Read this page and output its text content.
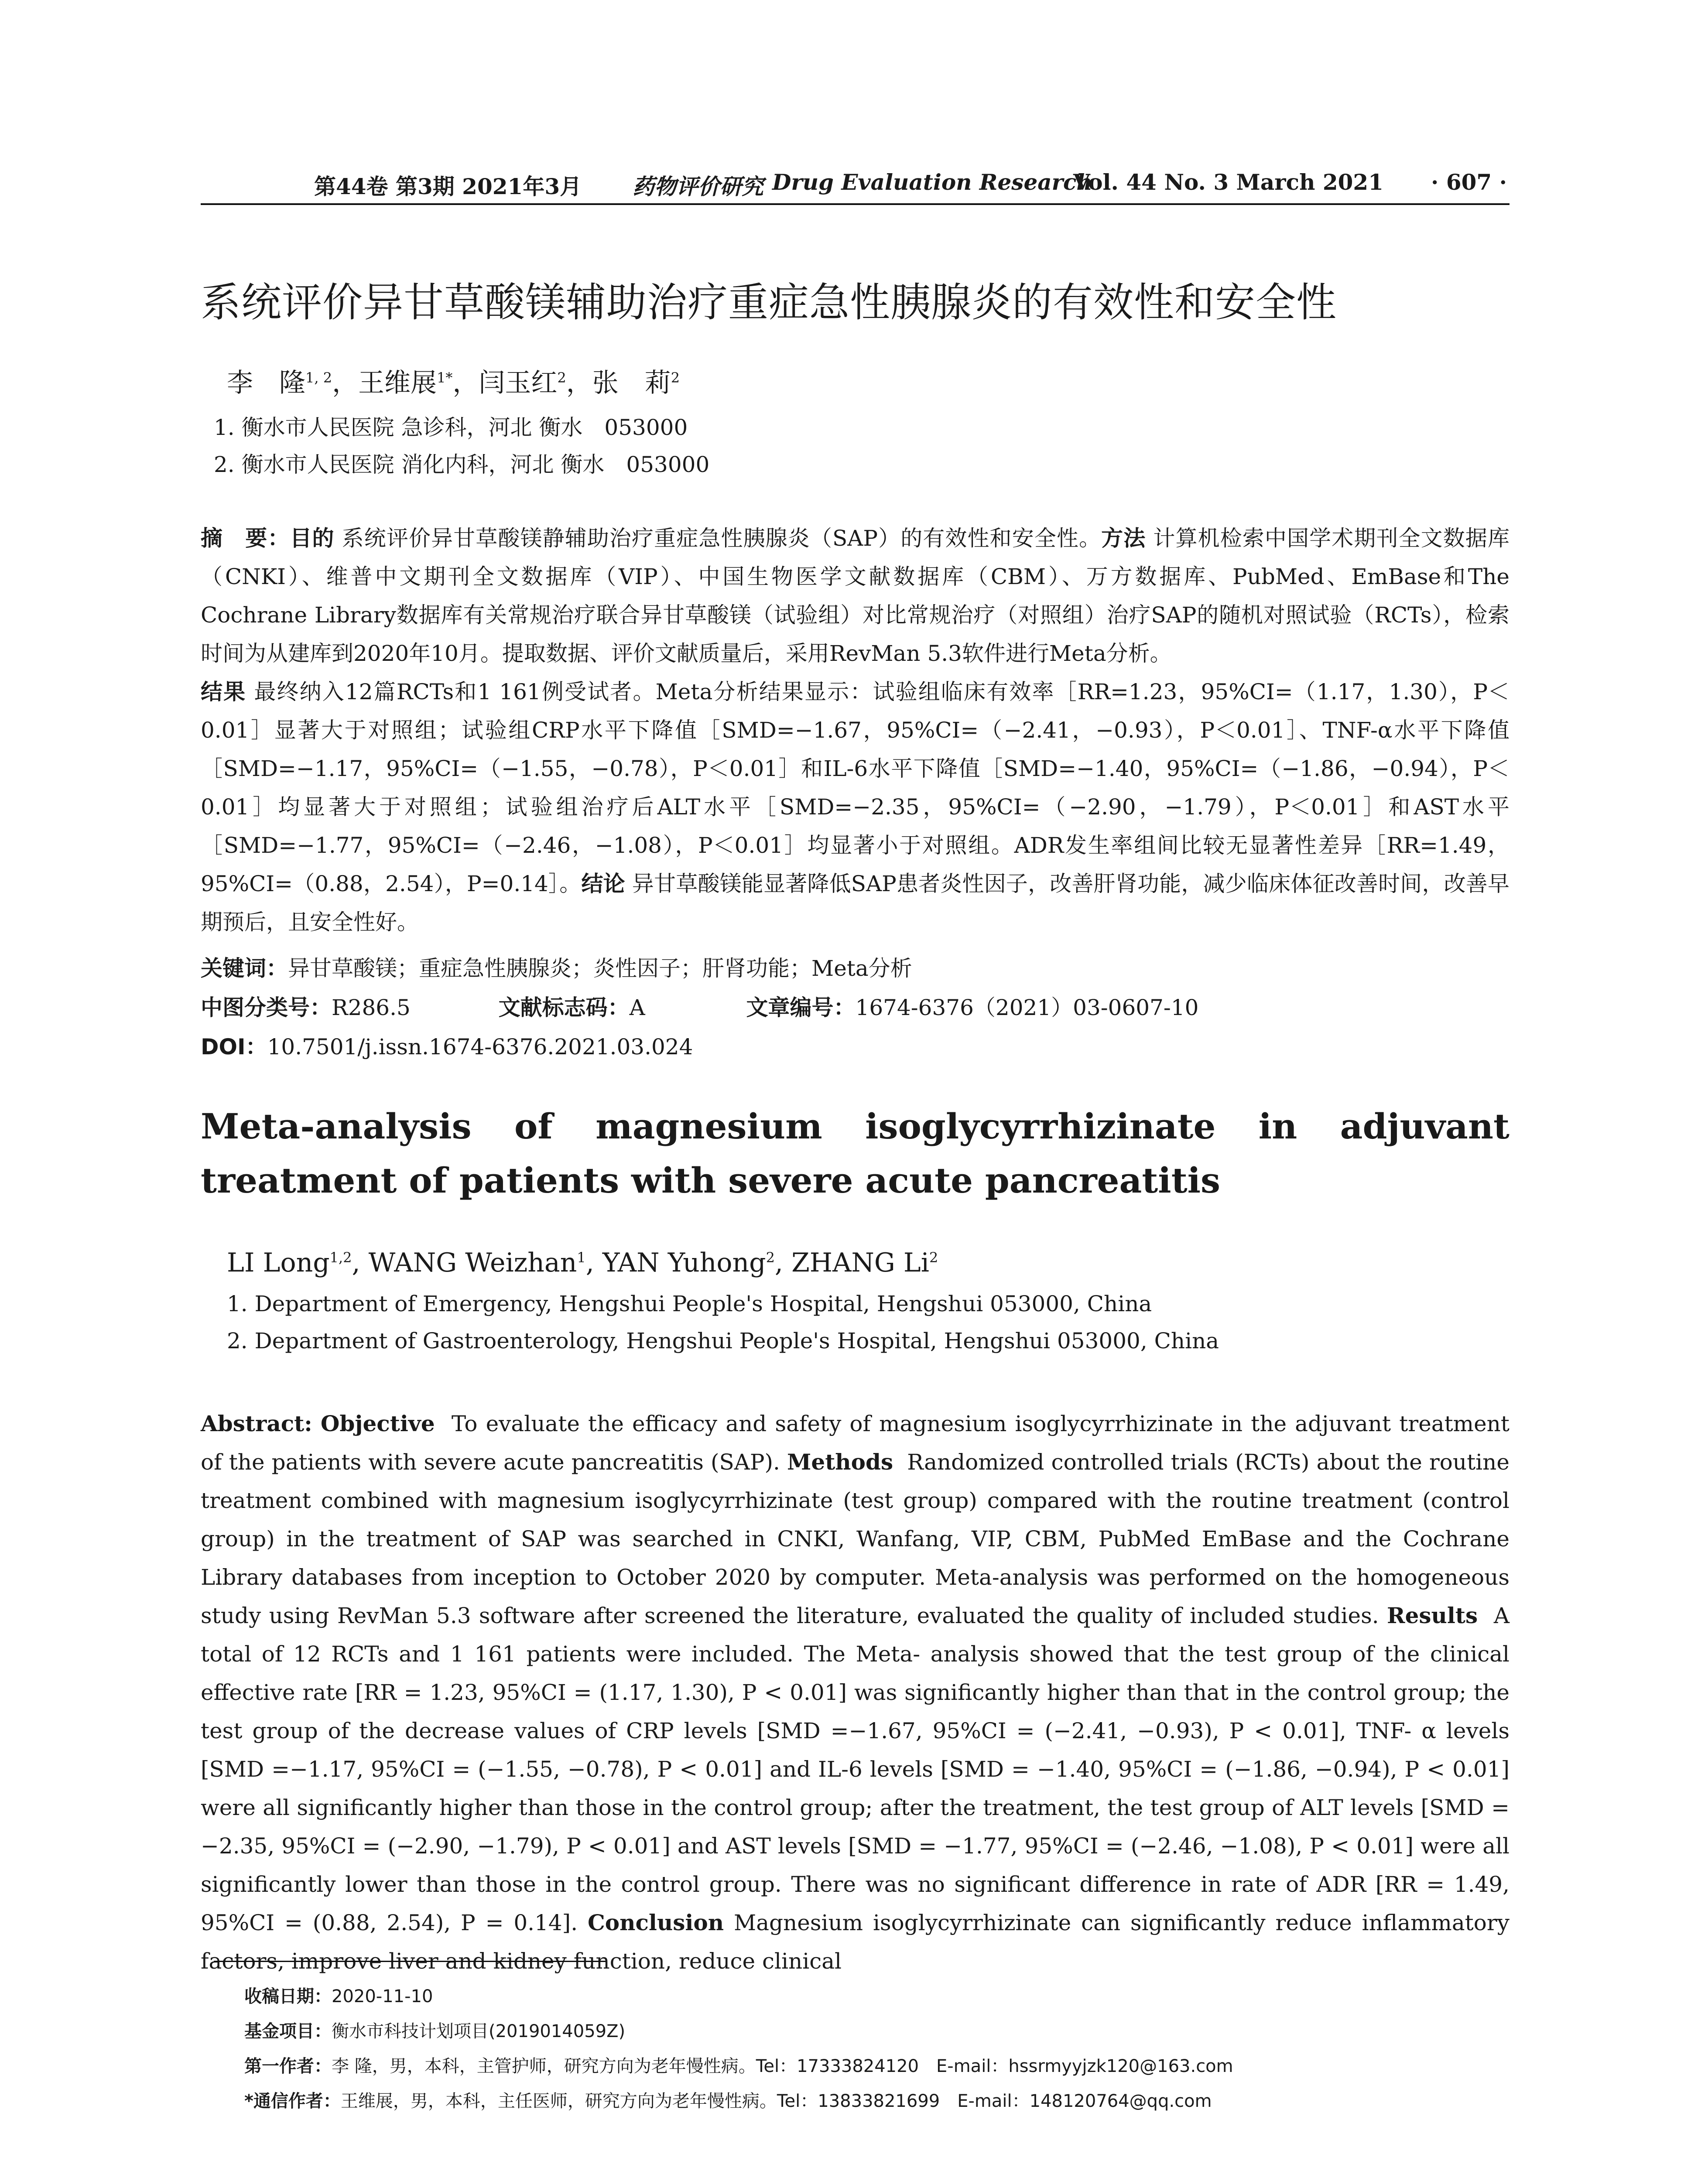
第44卷 第3期 2021年3月 药物评价研究 Drug Evaluation Research
Vol. 44 No. 3 March 2021 · 607 ·
系统评价异甘草酸镁辅助治疗重症急性胰腺炎的有效性和安全性
李　隆$^{1, 2}$，王维展$^{1*}$，闫玉红$^2$，张　莉$^2$
1. 衡水市人民医院 急诊科，河北 衡水　053000
2. 衡水市人民医院 消化内科，河北 衡水　053000
摘　要：目的 系统评价异甘草酸镁静辅助治疗重症急性胰腺炎（SAP）的有效性和安全性。方法 计算机检索中国学术期刊全文数据库（CNKI）、维普中文期刊全文数据库（VIP）、中国生物医学文献数据库（CBM）、万方数据库、PubMed、EmBase和The Cochrane Library数据库有关常规治疗联合异甘草酸镁（试验组）对比常规治疗（对照组）治疗SAP的随机对照试验（RCTs），检索时间为从建库到2020年10月。提取数据、评价文献质量后，采用RevMan 5.3软件进行Meta分析。
结果 最终纳入12篇RCTs和1 161例受试者。Meta分析结果显示：试验组临床有效率［RR=1.23，95%CI=（1.17，1.30），P＜0.01］显著大于对照组；试验组CRP水平下降值［SMD=−1.67，95%CI=（−2.41，−0.93），P＜0.01］、TNF-α水平下降值［SMD=−1.17，95%CI=（−1.55，−0.78），P＜0.01］和IL-6水平下降值［SMD=−1.40，95%CI=（−1.86，−0.94），P＜0.01］均显著大于对照组；试验组治疗后ALT水平［SMD=−2.35，95%CI=（−2.90，−1.79），P＜0.01］和AST水平［SMD=−1.77，95%CI=（−2.46，−1.08），P＜0.01］均显著小于对照组。ADR发生率组间比较无显著性差异［RR=1.49，95%CI=（0.88，2.54），P=0.14］。结论 异甘草酸镁能显著降低SAP患者炎性因子，改善肝肾功能，减少临床体征改善时间，改善早期预后，且安全性好。
关键词：异甘草酸镁；重症急性胰腺炎；炎性因子；肝肾功能；Meta分析
中图分类号：R286.5	文献标志码：A	文章编号：1674-6376（2021）03-0607-10
DOI：10.7501/j.issn.1674-6376.2021.03.024
Meta-analysis of magnesium isoglycyrrhizinate in adjuvant treatment of patients with severe acute pancreatitis
LI Long$^{1,2}$, WANG Weizhan$^1$, YAN Yuhong$^2$, ZHANG Li$^2$
1. Department of Emergency, Hengshui People's Hospital, Hengshui 053000, China
2. Department of Gastroenterology, Hengshui People's Hospital, Hengshui 053000, China
Abstract: Objective To evaluate the efficacy and safety of magnesium isoglycyrrhizinate in the adjuvant treatment of the patients with severe acute pancreatitis (SAP). Methods Randomized controlled trials (RCTs) about the routine treatment combined with magnesium isoglycyrrhizinate (test group) compared with the routine treatment (control group) in the treatment of SAP was searched in CNKI, Wanfang, VIP, CBM, PubMed EmBase and the Cochrane Library databases from inception to October 2020 by computer. Meta-analysis was performed on the homogeneous study using RevMan 5.3 software after screened the literature, evaluated the quality of included studies. Results A total of 12 RCTs and 1 161 patients were included. The Meta- analysis showed that the test group of the clinical effective rate [RR = 1.23, 95%CI = (1.17, 1.30), P < 0.01] was significantly higher than that in the control group; the test group of the decrease values of CRP levels [SMD =−1.67, 95%CI = (−2.41, −0.93), P < 0.01], TNF- α levels [SMD =−1.17, 95%CI = (−1.55, −0.78), P < 0.01] and IL-6 levels [SMD = −1.40, 95%CI = (−1.86, −0.94), P < 0.01] were all significantly higher than those in the control group; after the treatment, the test group of ALT levels [SMD = −2.35, 95%CI = (−2.90, −1.79), P < 0.01] and AST levels [SMD = −1.77, 95%CI = (−2.46, −1.08), P < 0.01] were all significantly lower than those in the control group. There was no significant difference in rate of ADR [RR = 1.49, 95%CI = (0.88, 2.54), P = 0.14]. Conclusion Magnesium isoglycyrrhizinate can significantly reduce inflammatory factors, improve liver and kidney function, reduce clinical
收稿日期：2020-11-10
基金项目：衡水市科技计划项目(2019014059Z)
第一作者：李 隆，男，本科，主管护师，研究方向为老年慢性病。Tel：17333824120　E-mail：hssrmyyjzk120@163.com
*通信作者：王维展，男，本科，主任医师，研究方向为老年慢性病。Tel：13833821699　E-mail：148120764@qq.com
